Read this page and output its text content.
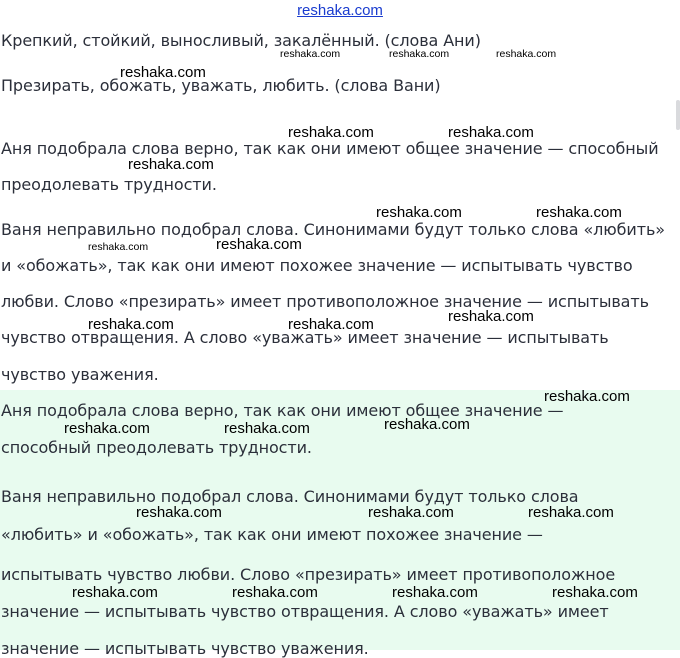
reshaka.com
Крепкий, стойкий, выносливый, закалённый. (слова Ани)
Презирать, обожать, уважать, любить. (слова Вани)
Аня подобрала слова верно, так как они имеют общее значение — способный
преодолевать трудности.
Ваня неправильно подобрал слова. Синонимами будут только слова «любить»
и «обожать», так как они имеют похожее значение — испытывать чувство
любви. Слово «презирать» имеет противоположное значение — испытывать
чувство отвращения. А слово «уважать» имеет значение — испытывать
чувство уважения.
Аня подобрала слова верно, так как они имеют общее значение —
способный преодолевать трудности.
Ваня неправильно подобрал слова. Синонимами будут только слова
«любить» и «обожать», так как они имеют похожее значение —
испытывать чувство любви. Слово «презирать» имеет противоположное
значение — испытывать чувство отвращения. А слово «уважать» имеет
значение — испытывать чувство уважения.
reshaka.com	reshaka.com	reshaka.com
reshaka.com
reshaka.com	reshaka.com
reshaka.com
reshaka.com	reshaka.com
reshaka.com	reshaka.com
reshaka.com
reshaka.com	reshaka.com
reshaka.com
reshaka.com
reshaka.com	reshaka.com
reshaka.com	reshaka.com	reshaka.com
reshaka.com	reshaka.com	reshaka.com	reshaka.com
